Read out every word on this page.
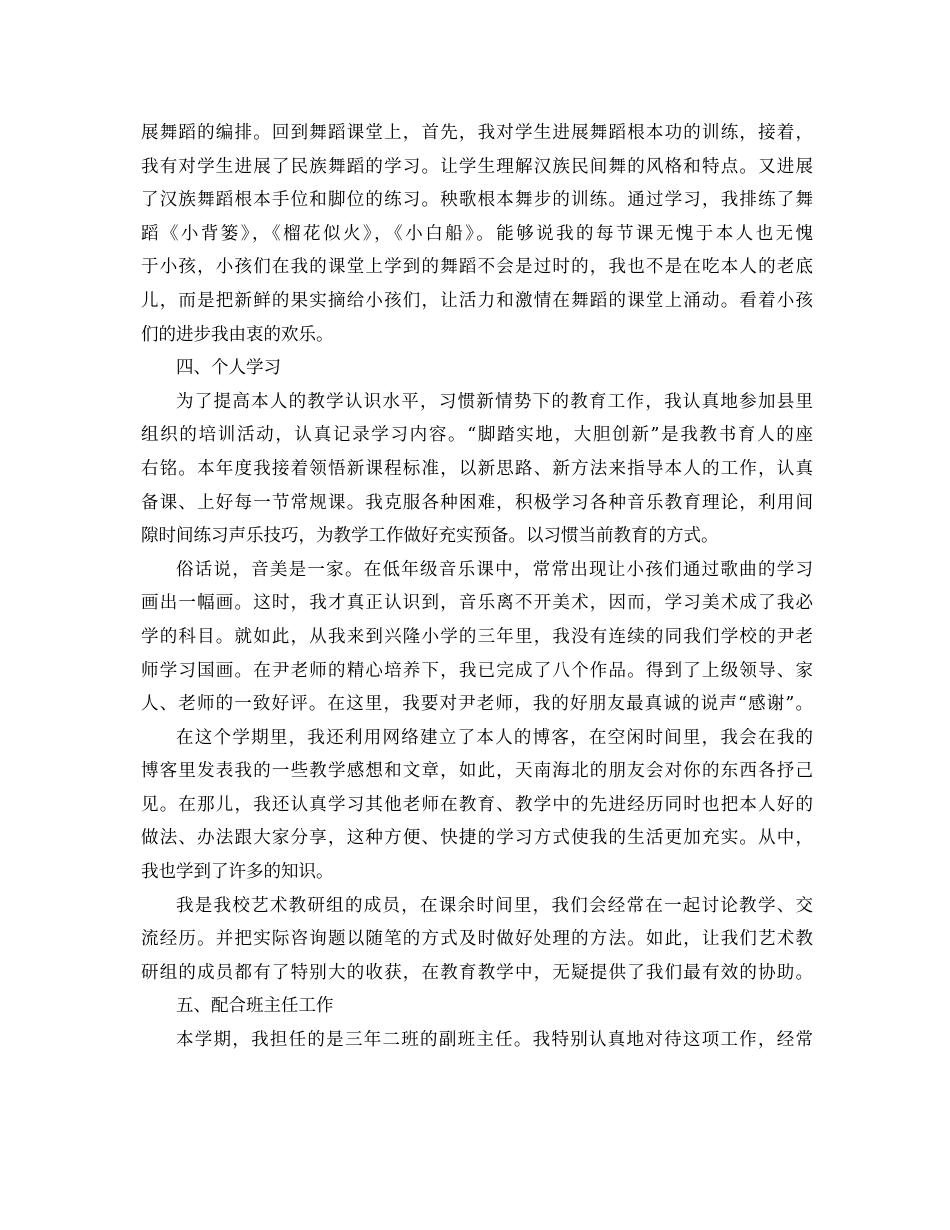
展舞蹈的编排。回到舞蹈课堂上，首先，我对学生进展舞蹈根本功的训练，接着，
我有对学生进展了民族舞蹈的学习。让学生理解汉族民间舞的风格和特点。又进展
了汉族舞蹈根本手位和脚位的练习。秧歌根本舞步的训练。通过学习，我排练了舞
蹈《小背篓》，《榴花似火》，《小白船》。能够说我的每节课无愧于本人也无愧
于小孩，小孩们在我的课堂上学到的舞蹈不会是过时的，我也不是在吃本人的老底
儿，而是把新鲜的果实摘给小孩们，让活力和激情在舞蹈的课堂上涌动。看着小孩
们的进步我由衷的欢乐。
四、个人学习
为了提高本人的教学认识水平，习惯新情势下的教育工作，我认真地参加县里
组织的培训活动，认真记录学习内容。“脚踏实地，大胆创新”是我教书育人的座
右铭。本年度我接着领悟新课程标准，以新思路、新方法来指导本人的工作，认真
备课、上好每一节常规课。我克服各种困难，积极学习各种音乐教育理论，利用间
隙时间练习声乐技巧，为教学工作做好充实预备。以习惯当前教育的方式。
俗话说，音美是一家。在低年级音乐课中，常常出现让小孩们通过歌曲的学习
画出一幅画。这时，我才真正认识到，音乐离不开美术，因而，学习美术成了我必
学的科目。就如此，从我来到兴隆小学的三年里，我没有连续的同我们学校的尹老
师学习国画。在尹老师的精心培养下，我已完成了八个作品。得到了上级领导、家
人、老师的一致好评。在这里，我要对尹老师，我的好朋友最真诚的说声“感谢”。
在这个学期里，我还利用网络建立了本人的博客，在空闲时间里，我会在我的
博客里发表我的一些教学感想和文章，如此，天南海北的朋友会对你的东西各抒己
见。在那儿，我还认真学习其他老师在教育、教学中的先进经历同时也把本人好的
做法、办法跟大家分享，这种方便、快捷的学习方式使我的生活更加充实。从中，
我也学到了许多的知识。
我是我校艺术教研组的成员，在课余时间里，我们会经常在一起讨论教学、交
流经历。并把实际咨询题以随笔的方式及时做好处理的方法。如此，让我们艺术教
研组的成员都有了特别大的收获，在教育教学中，无疑提供了我们最有效的协助。
五、配合班主任工作
本学期，我担任的是三年二班的副班主任。我特别认真地对待这项工作，经常
